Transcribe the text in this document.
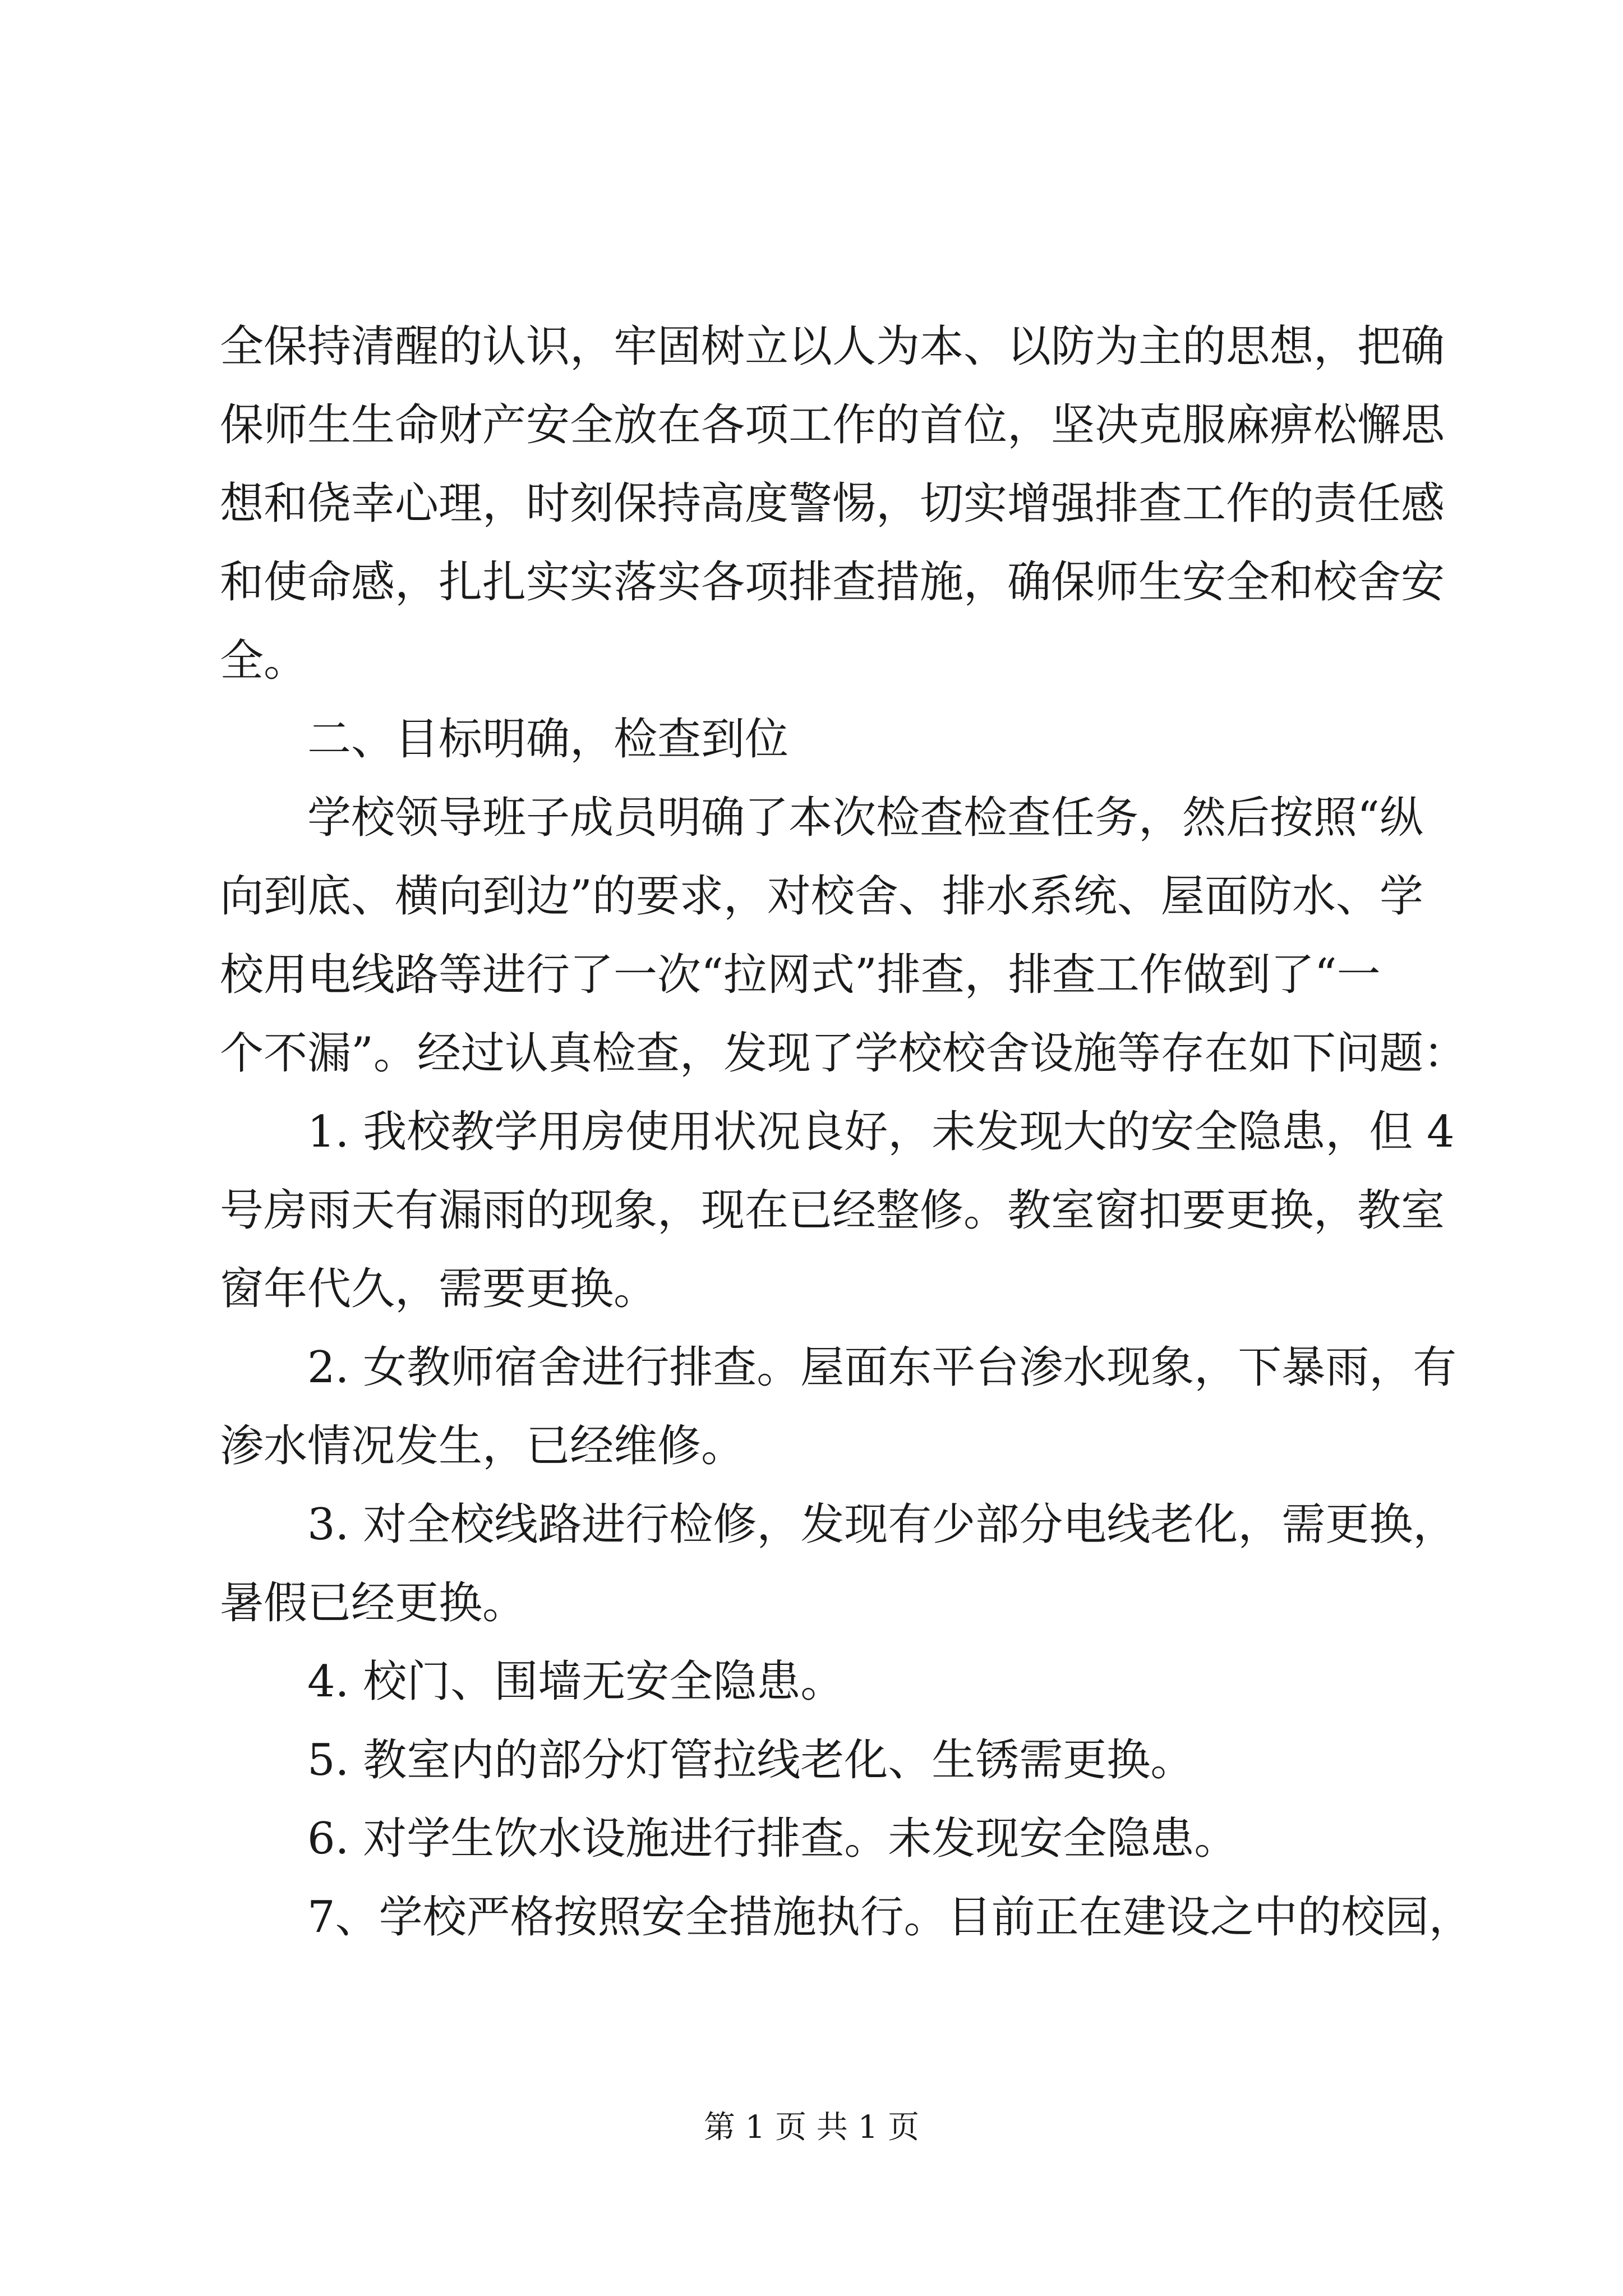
全保持清醒的认识，牢固树立以人为本、以防为主的思想，把确
保师生生命财产安全放在各项工作的首位，坚决克服麻痹松懈思
想和侥幸心理，时刻保持高度警惕，切实增强排查工作的责任感
和使命感，扎扎实实落实各项排查措施，确保师生安全和校舍安
全。
　　二、目标明确，检查到位
　　学校领导班子成员明确了本次检查检查任务，然后按照“纵
向到底、横向到边”的要求，对校舍、排水系统、屋面防水、学
校用电线路等进行了一次“拉网式”排查，排查工作做到了“一
个不漏”。经过认真检查，发现了学校校舍设施等存在如下问题：
　　1. 我校教学用房使用状况良好，未发现大的安全隐患，但 4
号房雨天有漏雨的现象，现在已经整修。教室窗扣要更换，教室
窗年代久，需要更换。
　　2. 女教师宿舍进行排查。屋面东平台渗水现象，下暴雨，有
渗水情况发生，已经维修。
　　3. 对全校线路进行检修，发现有少部分电线老化，需更换，
暑假已经更换。
　　4. 校门、围墙无安全隐患。
　　5. 教室内的部分灯管拉线老化、生锈需更换。
　　6. 对学生饮水设施进行排查。未发现安全隐患。
　　7、学校严格按照安全措施执行。目前正在建设之中的校园，
第 1 页 共 1 页
